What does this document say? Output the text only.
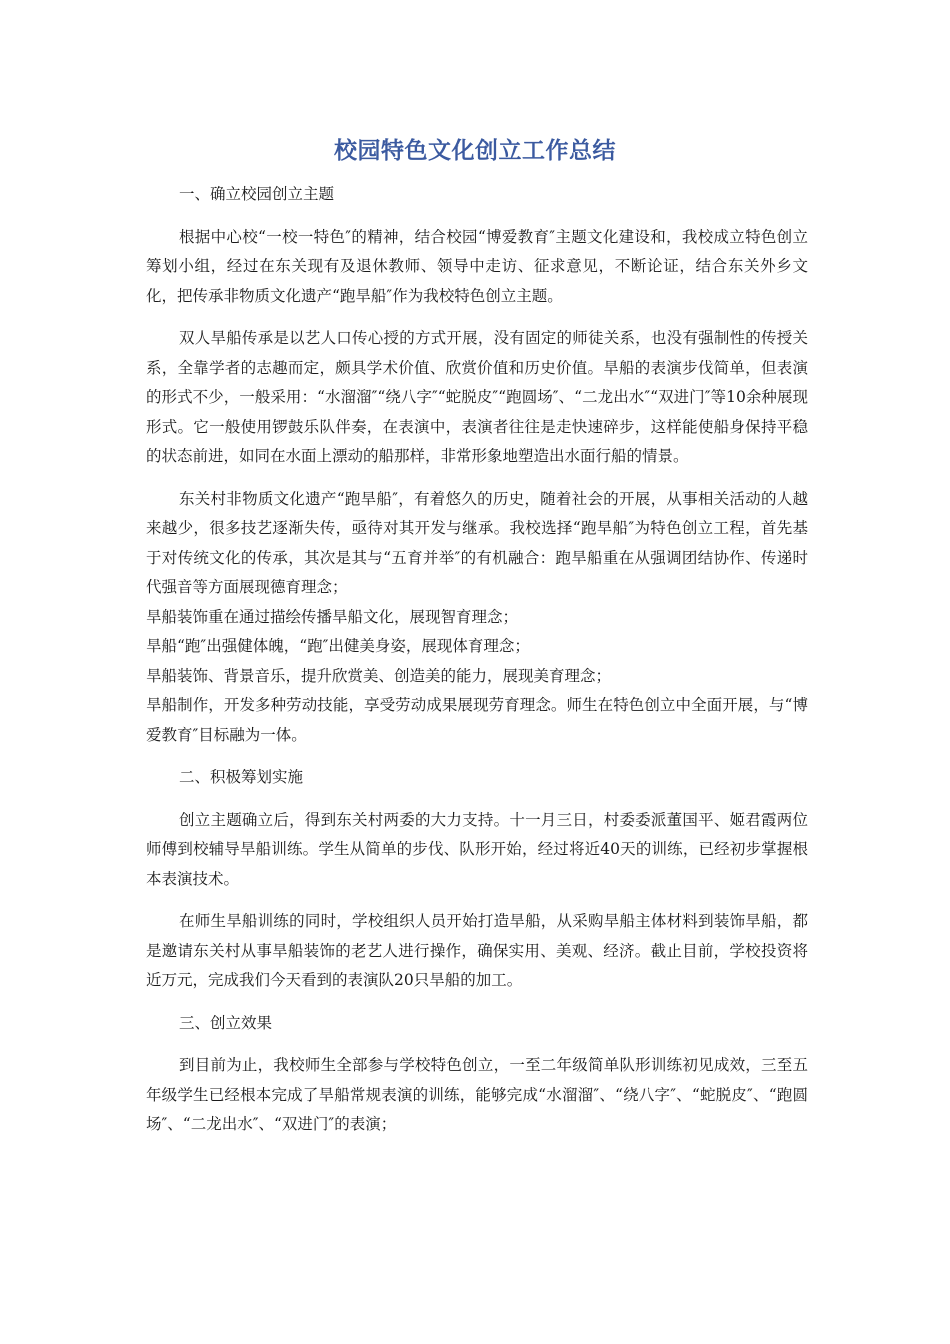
校园特色文化创立工作总结

一、确立校园创立主题

根据中心校“一校一特色″的精神，结合校园“博爱教育″主题文化建设和，我校成立特色创立筹划小组，经过在东关现有及退休教师、领导中走访、征求意见，不断论证，结合东关外乡文化，把传承非物质文化遗产“跑旱船″作为我校特色创立主题。

双人旱船传承是以艺人口传心授的方式开展，没有固定的师徒关系，也没有强制性的传授关系，全靠学者的志趣而定，颇具学术价值、欣赏价值和历史价值。旱船的表演步伐简单，但表演的形式不少，一般采用：“水溜溜″“绕八字″“蛇脱皮″“跑圆场″、“二龙出水″“双进门″等10余种展现形式。它一般使用锣鼓乐队伴奏，在表演中，表演者往往是走快速碎步，这样能使船身保持平稳的状态前进，如同在水面上漂动的船那样，非常形象地塑造出水面行船的情景。

东关村非物质文化遗产“跑旱船″，有着悠久的历史，随着社会的开展，从事相关活动的人越来越少，很多技艺逐渐失传，亟待对其开发与继承。我校选择“跑旱船″为特色创立工程，首先基于对传统文化的传承，其次是其与“五育并举″的有机融合：跑旱船重在从强调团结协作、传递时代强音等方面展现德育理念；

旱船装饰重在通过描绘传播旱船文化，展现智育理念；

旱船“跑″出强健体魄，“跑″出健美身姿，展现体育理念；

旱船装饰、背景音乐，提升欣赏美、创造美的能力，展现美育理念；

旱船制作，开发多种劳动技能，享受劳动成果展现劳育理念。师生在特色创立中全面开展，与“博爱教育″目标融为一体。

二、积极筹划实施

创立主题确立后，得到东关村两委的大力支持。十一月三日，村委委派董国平、姬君霞两位师傅到校辅导旱船训练。学生从简单的步伐、队形开始，经过将近40天的训练，已经初步掌握根本表演技术。

在师生旱船训练的同时，学校组织人员开始打造旱船，从采购旱船主体材料到装饰旱船，都是邀请东关村从事旱船装饰的老艺人进行操作，确保实用、美观、经济。截止目前，学校投资将近万元，完成我们今天看到的表演队20只旱船的加工。

三、创立效果

到目前为止，我校师生全部参与学校特色创立，一至二年级简单队形训练初见成效，三至五年级学生已经根本完成了旱船常规表演的训练，能够完成“水溜溜″、“绕八字″、“蛇脱皮″、“跑圆场″、“二龙出水″、“双进门″的表演；
